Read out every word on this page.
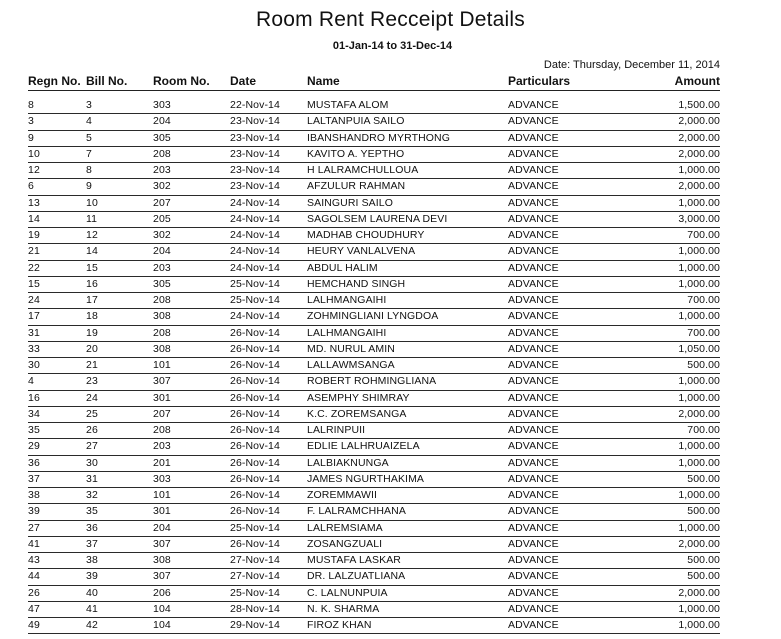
Room Rent Recceipt Details
01-Jan-14 to 31-Dec-14
Date: Thursday, December 11, 2014
Regn No. Bill No. Room No. Date	Name	Particulars	Amount
8	3	303	22-Nov-14	MUSTAFA ALOM	ADVANCE	1,500.00
3	4	204	23-Nov-14	LALTANPUIA SAILO	ADVANCE	2,000.00
9	5	305	23-Nov-14	IBANSHANDRO MYRTHONG	ADVANCE	2,000.00
10	7	208	23-Nov-14	KAVITO A. YEPTHO	ADVANCE	2,000.00
12	8	203	23-Nov-14	H LALRAMCHULLOUA	ADVANCE	1,000.00
6	9	302	23-Nov-14	AFZULUR RAHMAN	ADVANCE	2,000.00
13	10	207	24-Nov-14	SAINGURI SAILO	ADVANCE	1,000.00
14	11	205	24-Nov-14	SAGOLSEM LAURENA DEVI	ADVANCE	3,000.00
19	12	302	24-Nov-14	MADHAB CHOUDHURY	ADVANCE	700.00
21	14	204	24-Nov-14	HEURY VANLALVENA	ADVANCE	1,000.00
22	15	203	24-Nov-14	ABDUL HALIM	ADVANCE	1,000.00
15	16	305	25-Nov-14	HEMCHAND SINGH	ADVANCE	1,000.00
24	17	208	25-Nov-14	LALHMANGAIHI	ADVANCE	700.00
17	18	308	24-Nov-14	ZOHMINGLIANI LYNGDOA	ADVANCE	1,000.00
31	19	208	26-Nov-14	LALHMANGAIHI	ADVANCE	700.00
33	20	308	26-Nov-14	MD. NURUL AMIN	ADVANCE	1,050.00
30	21	101	26-Nov-14	LALLAWMSANGA	ADVANCE	500.00
4	23	307	26-Nov-14	ROBERT ROHMINGLIANA	ADVANCE	1,000.00
16	24	301	26-Nov-14	ASEMPHY SHIMRAY	ADVANCE	1,000.00
34	25	207	26-Nov-14	K.C. ZOREMSANGA	ADVANCE	2,000.00
35	26	208	26-Nov-14	LALRINPUII	ADVANCE	700.00
29	27	203	26-Nov-14	EDLIE LALHRUAIZELA	ADVANCE	1,000.00
36	30	201	26-Nov-14	LALBIAKNUNGA	ADVANCE	1,000.00
37	31	303	26-Nov-14	JAMES NGURTHAKIMA	ADVANCE	500.00
38	32	101	26-Nov-14	ZOREMMAWII	ADVANCE	1,000.00
39	35	301	26-Nov-14	F. LALRAMCHHANA	ADVANCE	500.00
27	36	204	25-Nov-14	LALREMSIAMA	ADVANCE	1,000.00
41	37	307	26-Nov-14	ZOSANGZUALI	ADVANCE	2,000.00
43	38	308	27-Nov-14	MUSTAFA LASKAR	ADVANCE	500.00
44	39	307	27-Nov-14	DR. LALZUATLIANA	ADVANCE	500.00
26	40	206	25-Nov-14	C. LALNUNPUIA	ADVANCE	2,000.00
47	41	104	28-Nov-14	N. K. SHARMA	ADVANCE	1,000.00
49	42	104	29-Nov-14	FIROZ KHAN	ADVANCE	1,000.00
